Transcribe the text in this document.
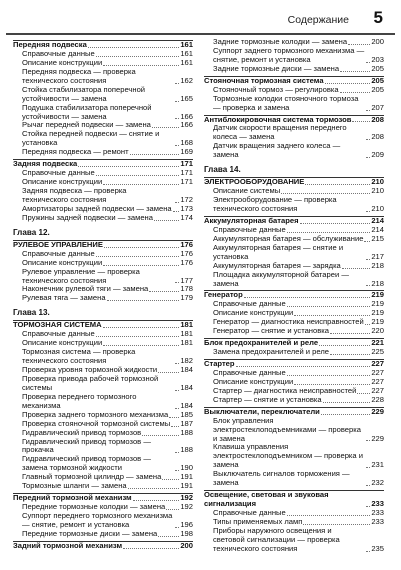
Содержание 5
Передняя подвеска	161
Справочные данные	161
Описание конструкции	161
Передняя подвеска — проверка технического состояния	162
Стойка стабилизатора поперечной устойчивости — замена	165
Подушка стабилизатора поперечной устойчивости — замена	166
Рычаг передней подвески — замена	166
Стойка передней подвески — снятие и установка	168
Передняя подвеска — ремонт	169
Задняя подвеска	171
Справочные данные	171
Описание конструкции	171
Задняя подвеска — проверка технического состояния	172
Амортизаторы задней подвески — замена 173
Пружины задней подвески — замена	174
Глава 12.
РУЛЕВОЕ УПРАВЛЕНИЕ	176
Справочные данные	176
Описание конструкции	176
Рулевое управление — проверка технического состояния	177
Наконечник рулевой тяги — замена	178
Рулевая тяга — замена	179
Глава 13.
ТОРМОЗНАЯ СИСТЕМА	181
Справочные данные	181
Описание конструкции	181
Тормозная система — проверка технического состояния	182
Проверка уровня тормозной жидкости	184
Проверка привода рабочей тормозной системы	184
Проверка переднего тормозного механизма	184
Проверка заднего тормозного механизма 185
Проверка стояночной тормозной системы 187
Гидравлический привод тормозов	188
Гидравлический привод тормозов — прокачка	188
Гидравлический привод тормозов — замена тормозной жидкости	190
Главный тормозной цилиндр — замена	191
Тормозные шланги — замена	191
Передний тормозной механизм	192
Передние тормозные колодки — замена 192
Суппорт переднего тормозного механизма — снятие, ремонт и установка	196
Передние тормозные диски — замена	198
Задний тормозной механизм	200
Задние тормозные колодки — замена	200
Суппорт заднего тормозного механизма — снятие, ремонт и установка	203
Задние тормозные диски — замена	205
Стояночная тормозная система	205
Стояночный тормоз — регулировка	205
Тормозные колодки стояночного тормоза — проверка и замена	207
Антиблокировочная система тормозов	208
Датчик скорости вращения переднего колеса — замена	208
Датчик вращения заднего колеса — замена	209
Глава 14.
ЭЛЕКТРООБОРУДОВАНИЕ	210
Описание системы	210
Электрооборудование — проверка технического состояния	210
Аккумуляторная батарея	214
Справочные данные	214
Аккумуляторная батарея — обслуживание 215
Аккумуляторная батарея — снятие и установка	217
Аккумуляторная батарея — зарядка	218
Площадка аккумуляторной батареи — замена	218
Генератор	219
Справочные данные	219
Описание конструкции	219
Генератор — диагностика неисправностей 219
Генератор — снятие и установка	220
Блок предохранителей и реле	221
Замена предохранителей и реле	225
Стартер	227
Справочные данные	227
Описание конструкции	227
Стартер — диагностика неисправностей 227
Стартер — снятие и установка	228
Выключатели, переключатели	229
Блок управления электростеклоподъемниками — проверка и замена	229
Клавиша управления электростеклоподъемником — проверка и замена	231
Выключатель сигналов торможения — замена	232
Освещение, световая и звуковая сигнализация	233
Справочные данные	233
Типы применяемых ламп	233
Приборы наружного освещения и световой сигнализации — проверка технического состояния	235
